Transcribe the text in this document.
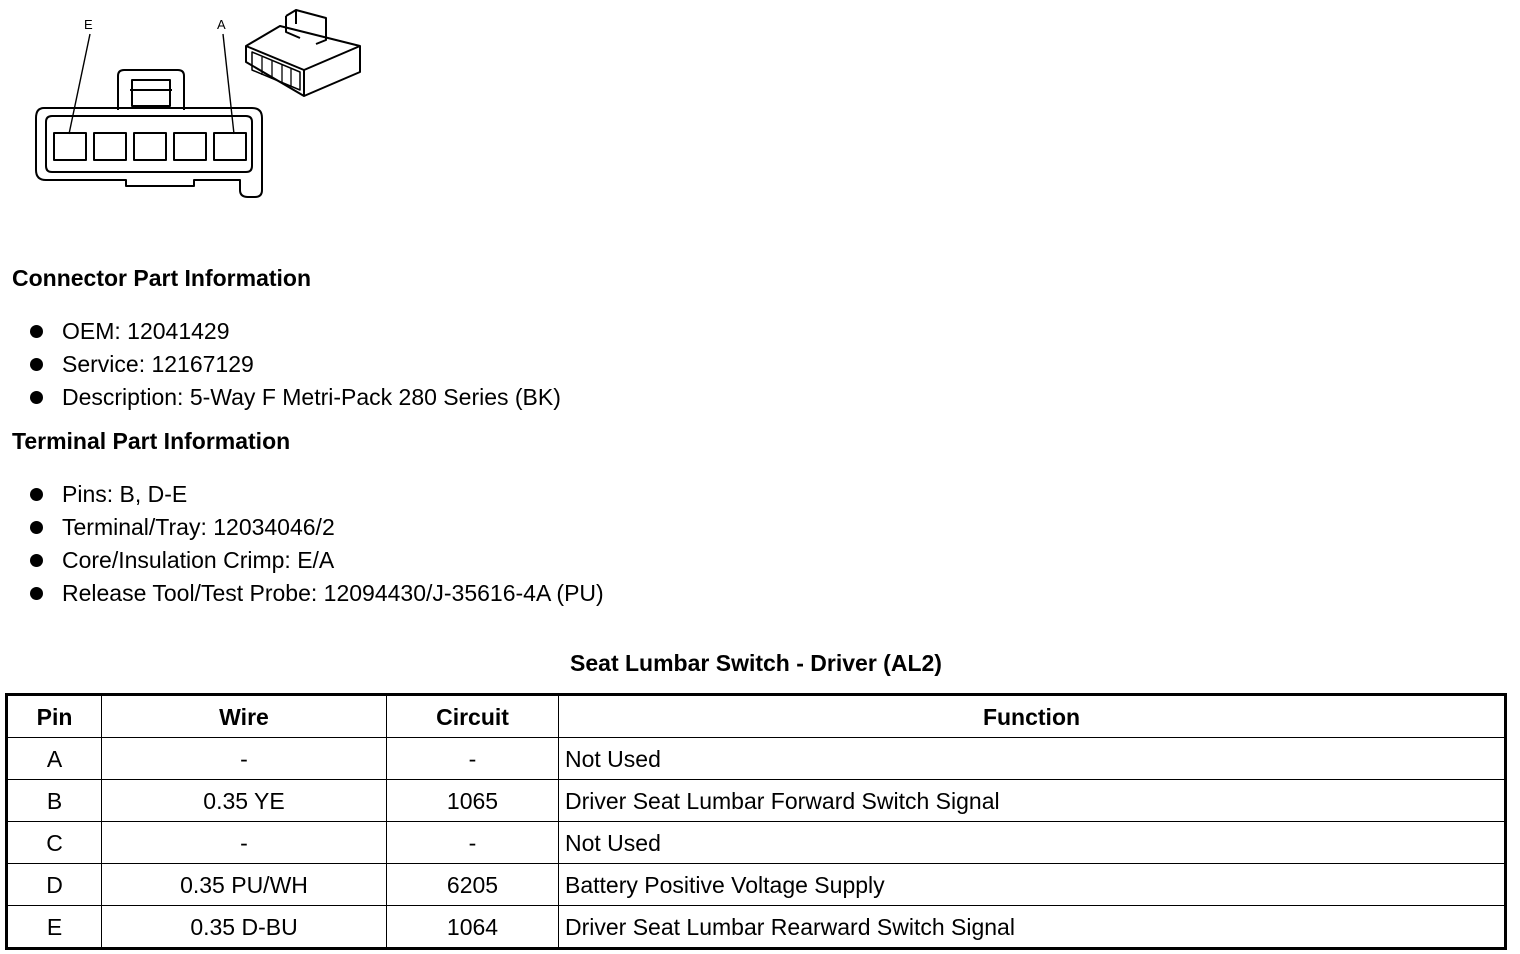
E	A
Connector Part Information
OEM: 12041429
Service: 12167129
Description: 5-Way F Metri-Pack 280 Series (BK)
Terminal Part Information
Pins: B, D-E
Terminal/Tray: 12034046/2
Core/Insulation Crimp: E/A
Release Tool/Test Probe: 12094430/J-35616-4A (PU)
Seat Lumbar Switch - Driver (AL2)
Pin	Wire	Circuit	Function
A	-	-	Not Used
B	0.35 YE	1065	Driver Seat Lumbar Forward Switch Signal
C	-	-	Not Used
D	0.35 PU/WH	6205	Battery Positive Voltage Supply
E	0.35 D-BU	1064	Driver Seat Lumbar Rearward Switch Signal
